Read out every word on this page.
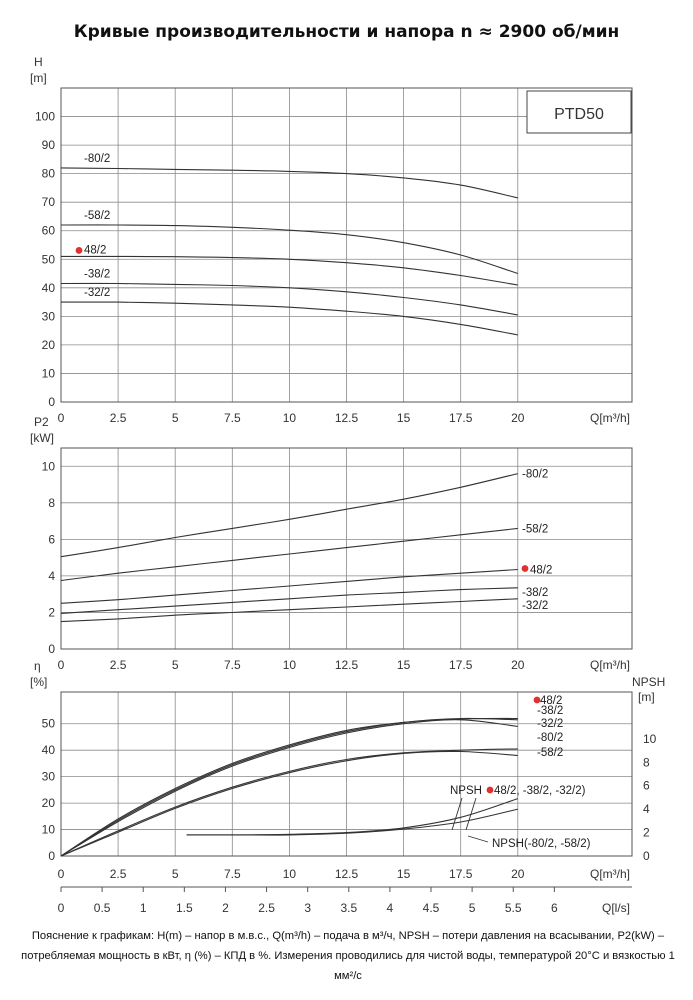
Кривые производительности и напора n ≈ 2900 об/мин
0
10
20
30
40
50
60
70
80
90
100
0	2.5	5	7.5	10	12.5	15	17.5	20	Q[m³/h]
H
[m]
PTD50
-80/2
-58/2
48/2
-38/2
-32/2
0
2
4
6
8
10
0	2.5	5	7.5	10	12.5	15	17.5	20	Q[m³/h]
P2
[kW]
-80/2
-58/2
48/2
-38/2
-32/2
0
10
20
30
40
50
0	2.5	5	7.5	10	12.5	15	17.5	20	Q[m³/h]
η
[%]
0
2
4
6
8
10
NPSH
[m]
0 0.5 1 1.5 2 2.5 3 3.5 4 4.5 5 5.5 6	Q[l/s]
48/2
-38/2
-32/2
-80/2
-58/2
NPSH 48/2, -38/2, -32/2)
NPSH(-80/2, -58/2)
Пояснение к графикам: H(m) – напор в м.в.с., Q(m³/h) – подача в м³/ч, NPSH – потери давления на всасывании, P2(kW) – потребляемая мощность в кВт, η (%) – КПД в %. Измерения проводились для чистой воды, температурой 20°С и вязкостью 1 мм²/с
